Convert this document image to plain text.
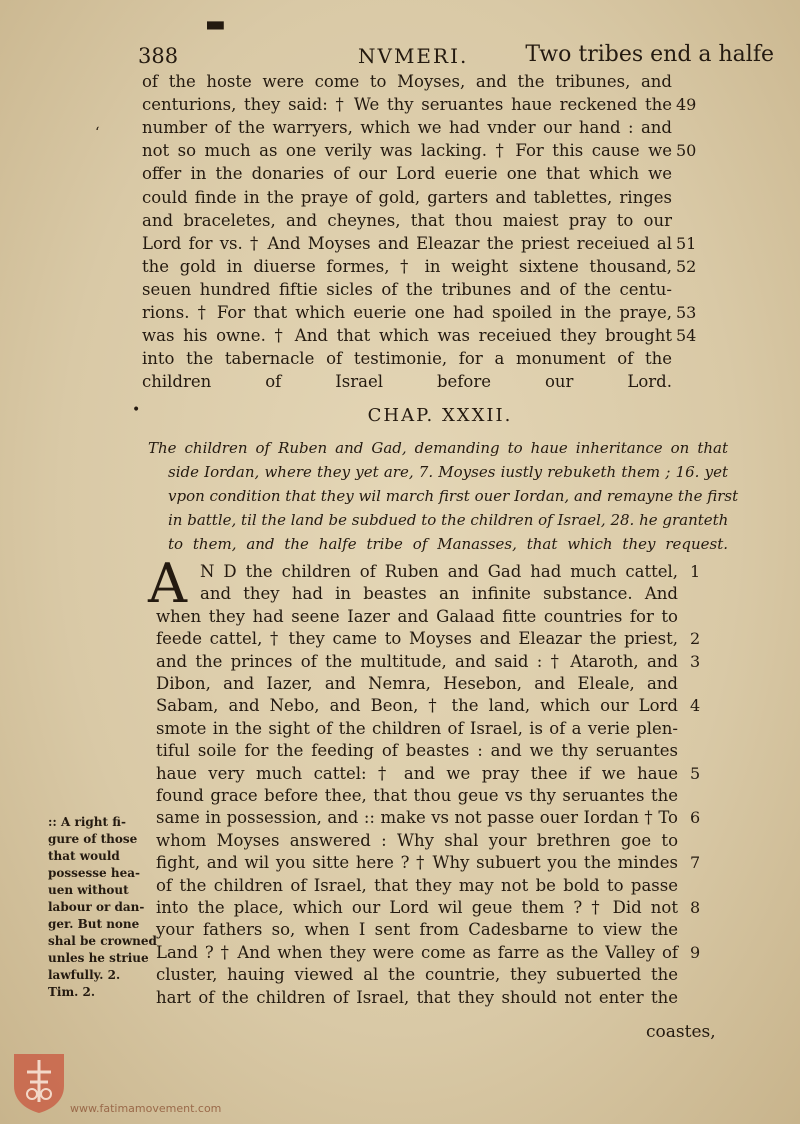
▬
388	NVMERI.	Two tribes end a halfe
of the hoste were come to Moyses, and the tribunes, and
centurions, they said: † We thy seruantes haue reckened the
number of the warryers, which we had vnder our hand : and
not so much as one verily was lacking. † For this cause we
offer in the donaries of our Lord euerie one that which we
could finde in the praye of gold, garters and tablettes, ringes
and braceletes, and cheynes, that thou maiest pray to our
Lord for vs. † And Moyses and Eleazar the priest receiued al
the gold in diuerse formes, † in weight sixtene thousand,
seuen hundred fiftie sicles of the tribunes and of the centu-
rions. † For that which euerie one had spoiled in the praye,
was his owne. † And that which was receiued they brought
into the tabernacle of testimonie, for a monument of the
children of Israel before our Lord.
49
50
51
52
53
54
CHAP. XXXII.
The children of Ruben and Gad, demanding to haue inheritance on that
side Iordan, where they yet are, 7. Moyses iustly rebuketh them ; 16. yet
vpon condition that they wil march first ouer Iordan, and remayne the first
in battle, til the land be subdued to the children of Israel, 28. he granteth
to them, and the halfe tribe of Manasses, that which they request.
A N D the children of Ruben and Gad had much cattel,
and they had in beastes an infinite substance. And
when they had seene Iazer and Galaad fitte countries for to
feede cattel, † they came to Moyses and Eleazar the priest,
and the princes of the multitude, and said : † Ataroth, and
Dibon, and Iazer, and Nemra, Hesebon, and Eleale, and
Sabam, and Nebo, and Beon, † the land, which our Lord
smote in the sight of the children of Israel, is of a verie plen-
tiful soile for the feeding of beastes : and we thy seruantes
haue very much cattel: † and we pray thee if we haue
found grace before thee, that thou geue vs thy seruantes the
same in possession, and :: make vs not passe ouer Iordan † To
whom Moyses answered : Why shal your brethren goe to
fight, and wil you sitte here ? † Why subuert you the mindes
of the children of Israel, that they may not be bold to passe
into the place, which our Lord wil geue them ? † Did not
your fathers so, when I sent from Cadesbarne to view the
Land ? † And when they were come as farre as the Valley of
cluster, hauing viewed al the countrie, they subuerted the
hart of the children of Israel, that they should not enter the
1
2
3
4
5
6
7
8
9
:: A right fi-
gure of those
that would
possesse hea-
uen without
labour or dan-
ger. But none
shal be crowned
unles he striue
lawfully. 2.
Tim. 2.
coastes,
www.fatimamovement.com
ʻ
•
